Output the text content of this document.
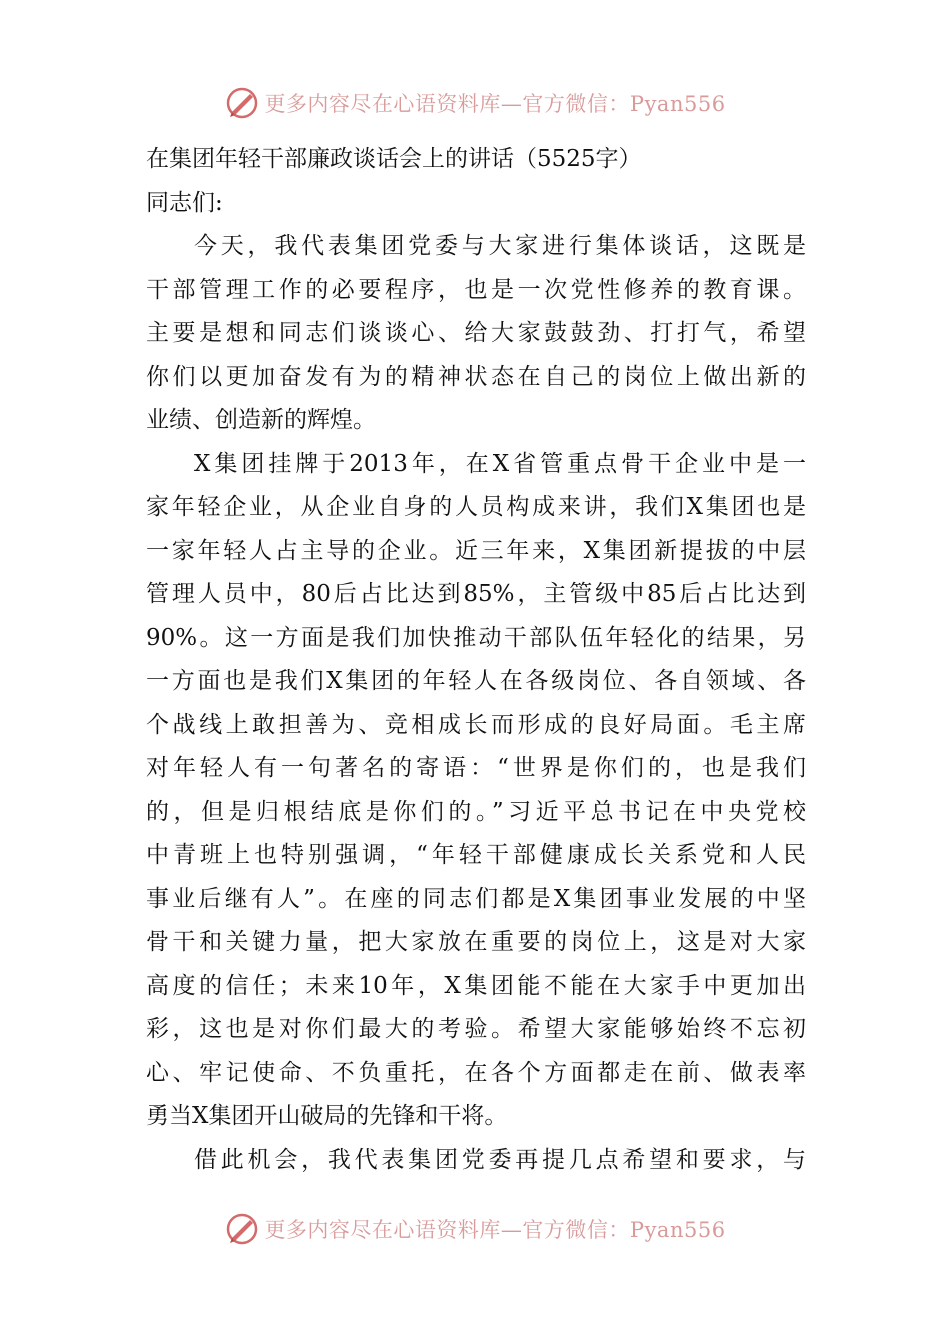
更多内容尽在心语资料库—官方微信：Pyan556
在集团年轻干部廉政谈话会上的讲话（5525字）
同志们:

今天，我代表集团党委与大家进行集体谈话，这既是
干部管理工作的必要程序，也是一次党性修养的教育课。
主要是想和同志们谈谈心、给大家鼓鼓劲、打打气，希望
你们以更加奋发有为的精神状态在自己的岗位上做出新的
业绩、创造新的辉煌。

X集团挂牌于2013年，在X省管重点骨干企业中是一
家年轻企业，从企业自身的人员构成来讲，我们X集团也是
一家年轻人占主导的企业。近三年来，X集团新提拔的中层
管理人员中，80后占比达到85%，主管级中85后占比达到
90%。这一方面是我们加快推动干部队伍年轻化的结果，另
一方面也是我们X集团的年轻人在各级岗位、各自领域、各
个战线上敢担善为、竞相成长而形成的良好局面。毛主席
对年轻人有一句著名的寄语：“世界是你们的，也是我们
的，但是归根结底是你们的。”习近平总书记在中央党校
中青班上也特别强调，“年轻干部健康成长关系党和人民
事业后继有人”。在座的同志们都是X集团事业发展的中坚
骨干和关键力量，把大家放在重要的岗位上，这是对大家
高度的信任；未来10年，X集团能不能在大家手中更加出
彩，这也是对你们最大的考验。希望大家能够始终不忘初
心、牢记使命、不负重托，在各个方面都走在前、做表率
勇当X集团开山破局的先锋和干将。

借此机会，我代表集团党委再提几点希望和要求，与

更多内容尽在心语资料库—官方微信：Pyan556
